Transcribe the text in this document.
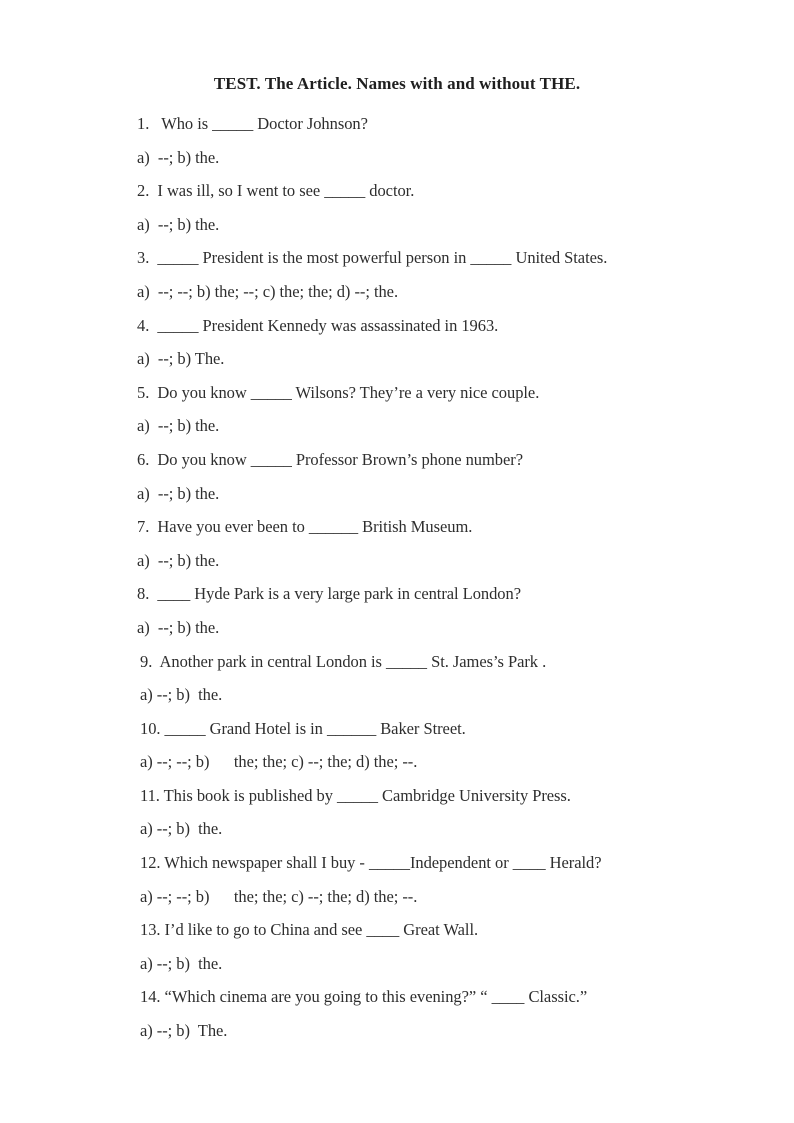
TEST. The Article. Names with and without THE.
1.   Who is _____ Doctor Johnson?
a)  --; b) the.
2.  I was ill, so I went to see _____ doctor.
a)  --; b) the.
3.  _____ President is the most powerful person in _____ United States.
a)  --; --; b) the; --; c) the; the; d) --; the.
4.  _____ President Kennedy was assassinated in 1963.
a)  --; b) The.
5.  Do you know _____ Wilsons? They’re a very nice couple.
a)  --; b) the.
6.  Do you know _____ Professor Brown’s phone number?
a)  --; b) the.
7.  Have you ever been to ______ British Museum.
a)  --; b) the.
8.  ____ Hyde Park is a very large park in central London?
a)  --; b) the.
9.  Another park in central London is _____ St. James’s Park .
a) --; b)  the.
10. _____ Grand Hotel is in ______ Baker Street.
a) --; --; b)      the; the; c) --; the; d) the; --.
11. This book is published by _____ Cambridge University Press.
a) --; b)  the.
12. Which newspaper shall I buy - _____Independent or ____ Herald?
a) --; --; b)      the; the; c) --; the; d) the; --.
13. I’d like to go to China and see ____ Great Wall.
a) --; b)  the.
14. “Which cinema are you going to this evening?” “ ____ Classic.”
a) --; b)  The.
